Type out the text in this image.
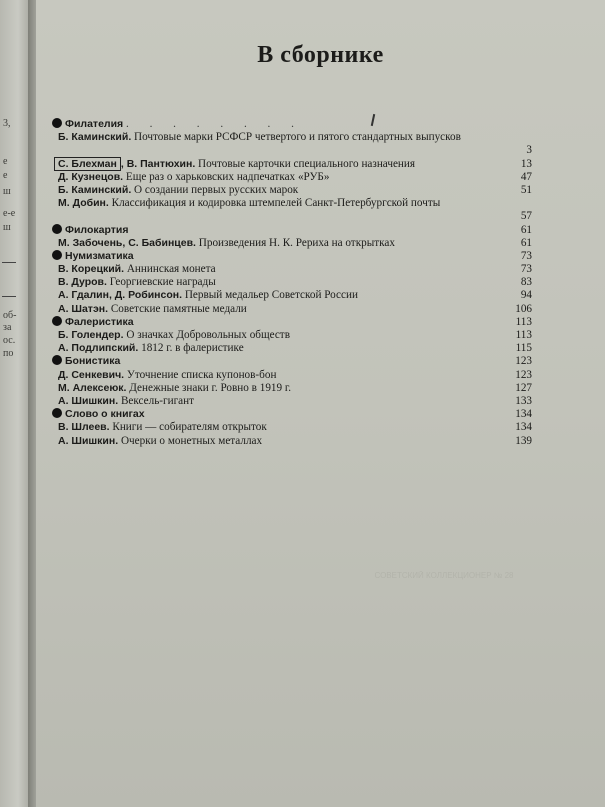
3,
е
е
ш
е-е
ш
об-
за
ос.
по
В сборнике
Филателия . . . . . . . .
Б. Каминский. Почтовые марки РСФСР четвертого и пятого стандартных выпусков
3
С. Блехман , В. Пантюхин. Почтовые карточки специального назначения	13
Д. Кузнецов. Еще раз о харьковских надпечатках «РУБ»	47
Б. Каминский. О создании первых русских марок	51
М. Добин. Классификация и кодировка штемпелей Санкт-Петербургской почты
57
Филокартия	61
М. Забочень, С. Бабинцев. Произведения Н. К. Рериха на открытках	61
Нумизматика	73
В. Корецкий. Аннинская монета	73
В. Дуров. Георгиевские награды	83
А. Гдалин, Д. Робинсон. Первый медальер Советской России	94
А. Шатэн. Советские памятные медали	106
Фалеристика	113
Б. Голендер. О значках Добровольных обществ	113
А. Подлипский. 1812 г. в фалеристике	115
Бонистика	123
Д. Сенкевич. Уточнение списка купонов-бон	123
М. Алексеюк. Денежные знаки г. Ровно в 1919 г.	127
А. Шишкин. Вексель-гигант	133
Слово о книгах	134
В. Шлеев. Книги — собирателям открыток	134
А. Шишкин. Очерки о монетных металлах	139
СОВЕТСКИЙ КОЛЛЕКЦИОНЕР № 28
